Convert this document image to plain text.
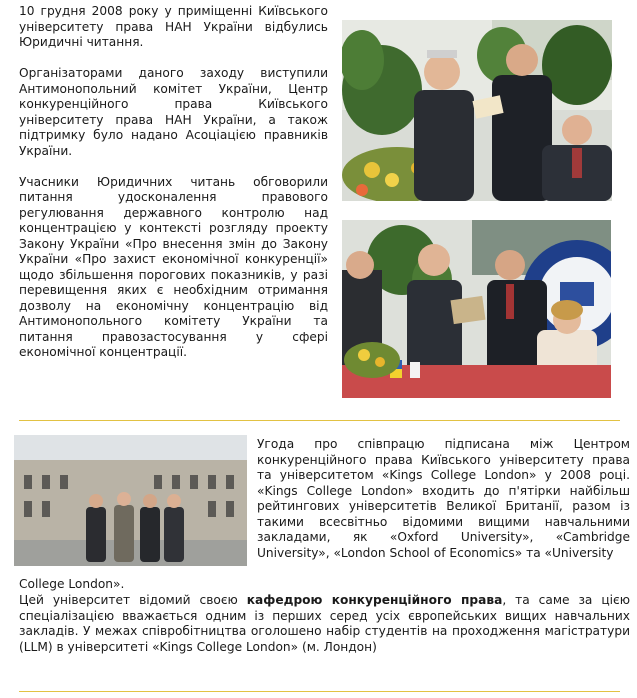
10 грудня 2008 року у приміщенні Київського університету права НАН України відбулись Юридичні читання.

Організаторами даного заходу виступили Антимонопольний комітет України, Центр конкуренційного права Київського університету права НАН України, а також підтримку було надано Асоціацією правників України.

Учасники Юридичних читань обговорили питання удосконалення правового регулювання державного контролю над концентрацією у контексті розгляду проекту Закону України «Про внесення змін до Закону України «Про захист економічної конкуренції» щодо збільшення порогових показників, у разі перевищення яких є необхідним отримання дозволу на економічну концентрацію від Антимонопольного комітету України та питання правозастосування у сфері економічної концентрації.

Угода про співпрацю підписана між Центром конкуренційного права Київського університету права та університетом «Kings College London» у 2008 році. «Kings College London» входить до п'ятірки найбільш рейтингових університетів Великої Британії, разом із такими всесвітньо відомими вищими навчальними закладами, як «Oxford University», «Cambridge University», «London School of Economics» та «University

College London».

Цей університет відомий своєю кафедрою конкуренційного права, та саме за цією спеціалізацією вважається одним із перших серед усіх європейських вищих навчальних закладів. У межах співробітництва оголошено набір студентів на проходження магістратури (LLM) в університеті «Kings College London» (м. Лондон)
